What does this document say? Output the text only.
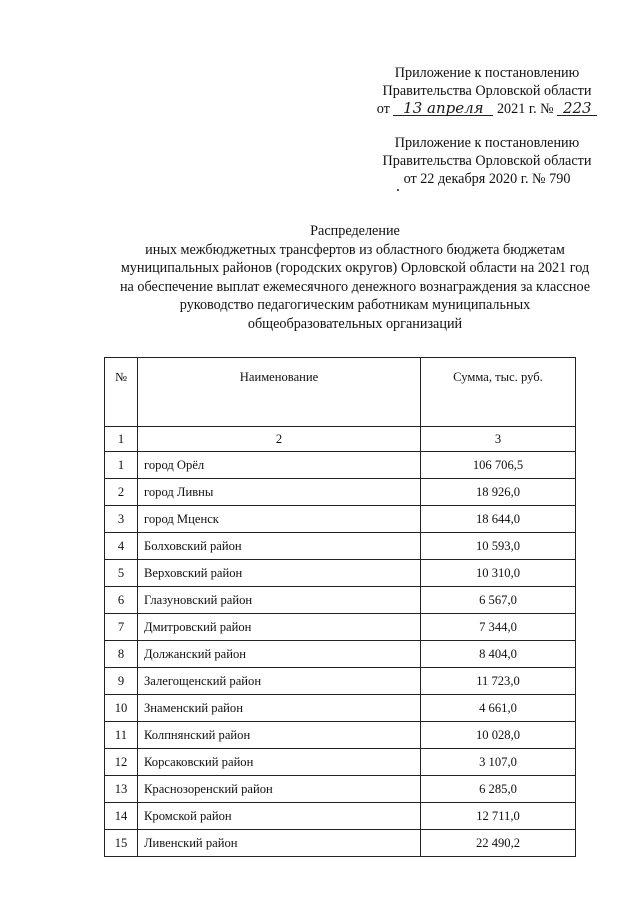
Приложение к постановлению
Правительства Орловской области
от 13 апреля 2021 г. № 223
Приложение к постановлению
Правительства Орловской области
от 22 декабря 2020 г. № 790
Распределение
иных межбюджетных трансфертов из областного бюджета бюджетам
муниципальных районов (городских округов) Орловской области на 2021 год
на обеспечение выплат ежемесячного денежного вознаграждения за классное
руководство педагогическим работникам муниципальных
общеобразовательных организаций
№	Наименование	Сумма, тыс. руб.
1	2	3
1	город Орёл	106 706,5
2	город Ливны	18 926,0
3	город Мценск	18 644,0
4	Болховский район	10 593,0
5	Верховский район	10 310,0
6	Глазуновский район	6 567,0
7	Дмитровский район	7 344,0
8	Должанский район	8 404,0
9	Залегощенский район	11 723,0
10	Знаменский район	4 661,0
11	Колпнянский район	10 028,0
12	Корсаковский район	3 107,0
13	Краснозоренский район	6 285,0
14	Кромской район	12 711,0
15	Ливенский район	22 490,2
